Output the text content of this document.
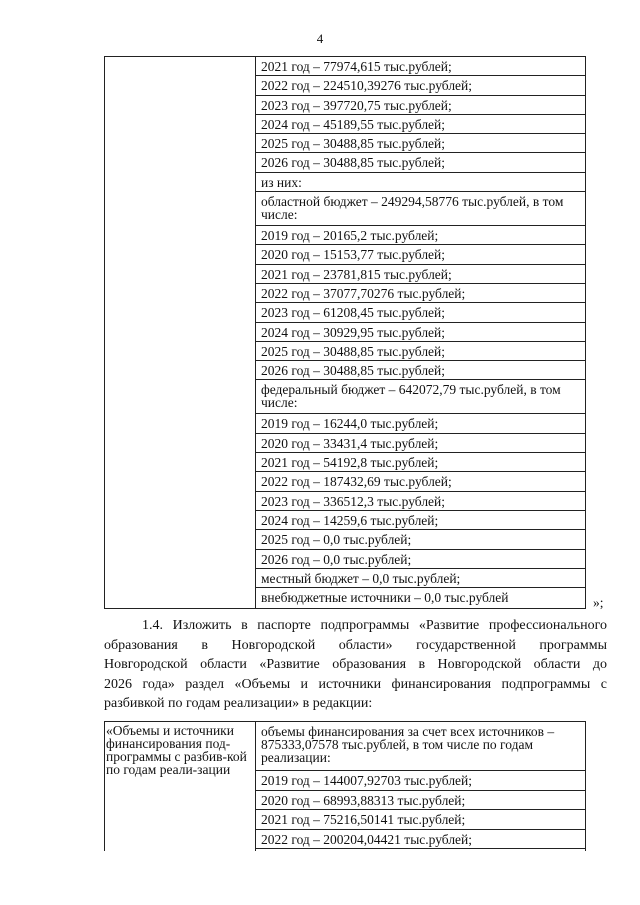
4
2021 год – 77974,615 тыс.рублей;
2022 год – 224510,39276 тыс.рублей;
2023 год – 397720,75 тыс.рублей;
2024 год – 45189,55 тыс.рублей;
2025 год – 30488,85 тыс.рублей;
2026 год – 30488,85 тыс.рублей;
из них:
областной бюджет – 249294,58776 тыс.рублей, в том числе:
2019 год – 20165,2 тыс.рублей;
2020 год – 15153,77 тыс.рублей;
2021 год – 23781,815 тыс.рублей;
2022 год – 37077,70276 тыс.рублей;
2023 год – 61208,45 тыс.рублей;
2024 год – 30929,95 тыс.рублей;
2025 год – 30488,85 тыс.рублей;
2026 год – 30488,85 тыс.рублей;
федеральный бюджет – 642072,79 тыс.рублей, в том числе:
2019 год – 16244,0 тыс.рублей;
2020 год – 33431,4 тыс.рублей;
2021 год – 54192,8 тыс.рублей;
2022 год – 187432,69 тыс.рублей;
2023 год – 336512,3 тыс.рублей;
2024 год – 14259,6 тыс.рублей;
2025 год – 0,0 тыс.рублей;
2026 год – 0,0 тыс.рублей;
местный бюджет – 0,0 тыс.рублей;
внебюджетные источники – 0,0 тыс.рублей	»;
1.4. Изложить в паспорте подпрограммы «Развитие профессионального
образования в Новгородской области» государственной программы
Новгородской области «Развитие образования в Новгородской области до
2026 года» раздел «Объемы и источники финансирования подпрограммы с
разбивкой по годам реализации» в редакции:
«Объемы и источники финансирования под-программы с разбив-кой по годам реали-зации
объемы финансирования за счет всех источников – 875333,07578 тыс.рублей, в том числе по годам реализации:
2019 год – 144007,92703 тыс.рублей;
2020 год – 68993,88313 тыс.рублей;
2021 год – 75216,50141 тыс.рублей;
2022 год – 200204,04421 тыс.рублей;
